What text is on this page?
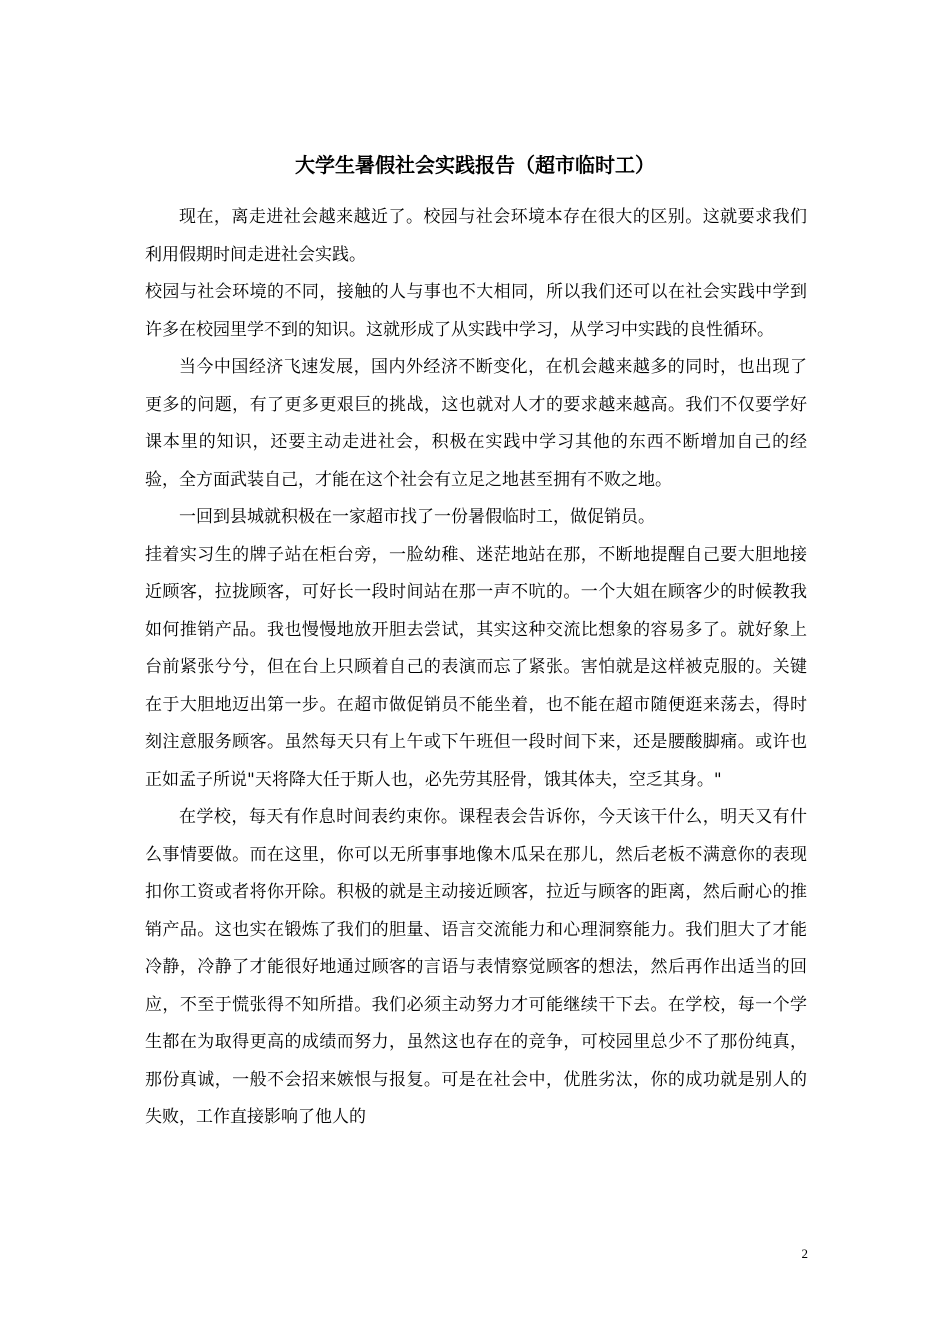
大学生暑假社会实践报告（超市临时工）

现在，离走进社会越来越近了。校园与社会环境本存在很大的区别。这就要求我们利用假期时间走进社会实践。

校园与社会环境的不同，接触的人与事也不大相同，所以我们还可以在社会实践中学到许多在校园里学不到的知识。这就形成了从实践中学习，从学习中实践的良性循环。

当今中国经济飞速发展，国内外经济不断变化，在机会越来越多的同时，也出现了更多的问题，有了更多更艰巨的挑战，这也就对人才的要求越来越高。我们不仅要学好课本里的知识，还要主动走进社会，积极在实践中学习其他的东西不断增加自己的经验，全方面武装自己，才能在这个社会有立足之地甚至拥有不败之地。

一回到县城就积极在一家超市找了一份暑假临时工，做促销员。

挂着实习生的牌子站在柜台旁，一脸幼稚、迷茫地站在那，不断地提醒自己要大胆地接近顾客，拉拢顾客，可好长一段时间站在那一声不吭的。一个大姐在顾客少的时候教我如何推销产品。我也慢慢地放开胆去尝试，其实这种交流比想象的容易多了。就好象上台前紧张兮兮，但在台上只顾着自己的表演而忘了紧张。害怕就是这样被克服的。关键在于大胆地迈出第一步。在超市做促销员不能坐着，也不能在超市随便逛来荡去，得时刻注意服务顾客。虽然每天只有上午或下午班但一段时间下来，还是腰酸脚痛。或许也正如孟子所说"天将降大任于斯人也，必先劳其胫骨，饿其体夫，空乏其身。"

在学校，每天有作息时间表约束你。课程表会告诉你，今天该干什么，明天又有什么事情要做。而在这里，你可以无所事事地像木瓜呆在那儿，然后老板不满意你的表现扣你工资或者将你开除。积极的就是主动接近顾客，拉近与顾客的距离，然后耐心的推销产品。这也实在锻炼了我们的胆量、语言交流能力和心理洞察能力。我们胆大了才能冷静，冷静了才能很好地通过顾客的言语与表情察觉顾客的想法，然后再作出适当的回应，不至于慌张得不知所措。我们必须主动努力才可能继续干下去。在学校，每一个学生都在为取得更高的成绩而努力，虽然这也存在的竞争，可校园里总少不了那份纯真，那份真诚，一般不会招来嫉恨与报复。可是在社会中，优胜劣汰，你的成功就是别人的失败，工作直接影响了他人的

2
